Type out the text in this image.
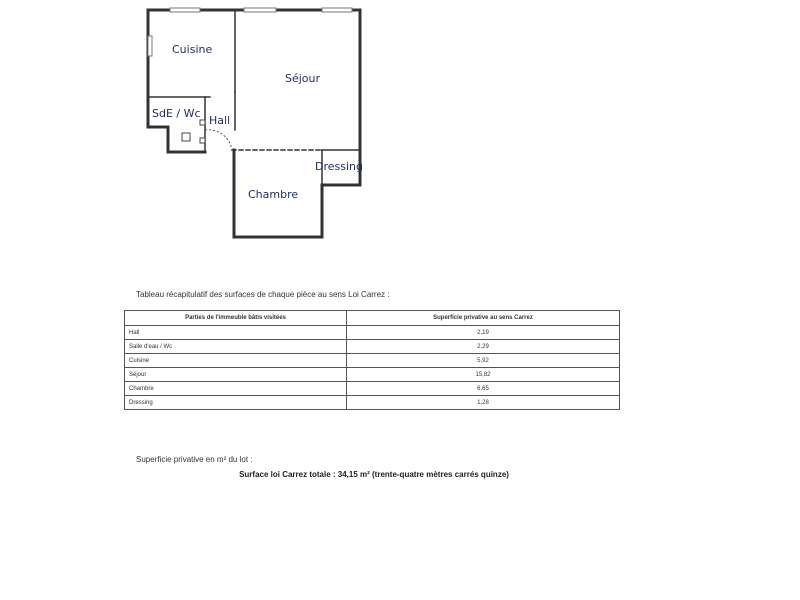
Cuisine
Séjour
SdE / Wc
Hall
Dressing
Chambre
Tableau récapitulatif des surfaces de chaque pièce au sens Loi Carrez :
Parties de l'immeuble bâtis visitées	Superficie privative au sens Carrez
Hall	2,19
Salle d'eau / Wc	2,29
Cuisine	5,92
Séjour	15,82
Chambre	6,65
Dressing	1,28
Superficie privative en m² du lot :
Surface loi Carrez totale : 34,15 m² (trente-quatre mètres carrés quinze)
